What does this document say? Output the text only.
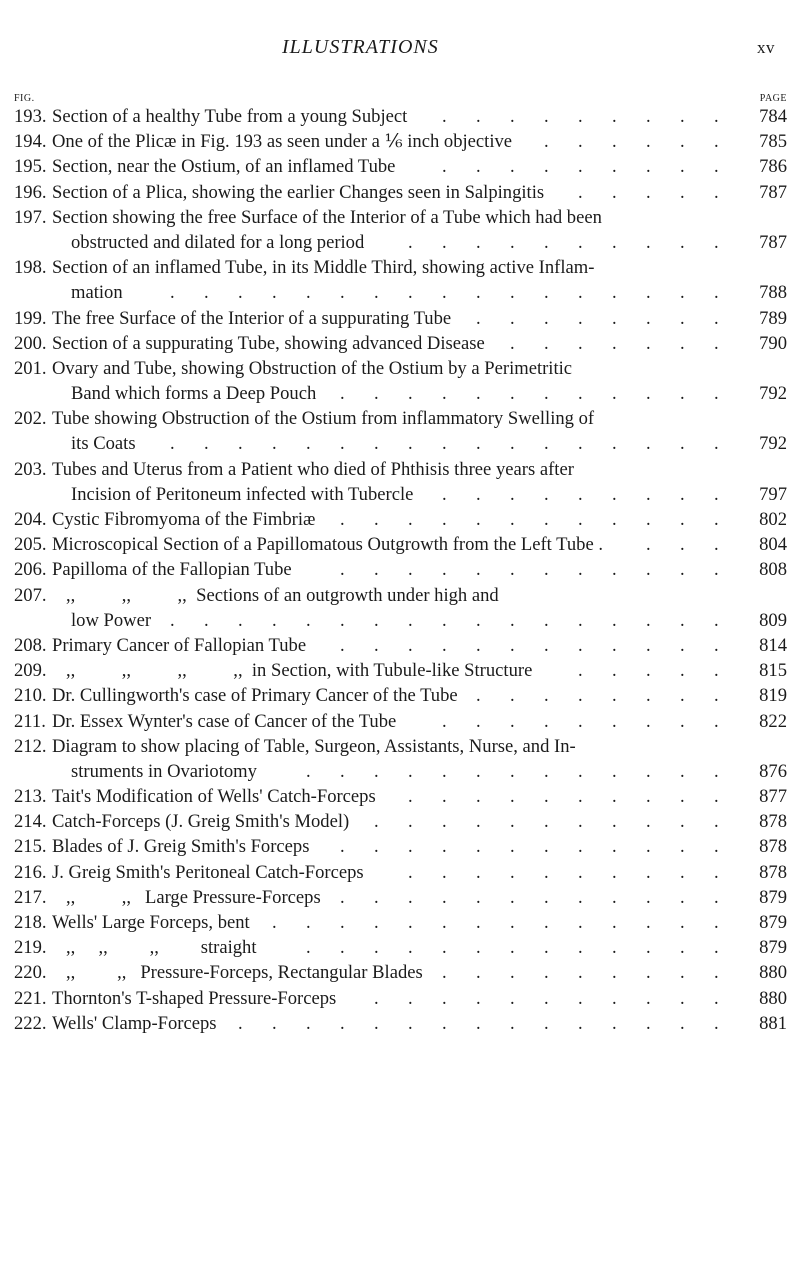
ILLUSTRATIONS	xv
FIG.	PAGE
193. Section of a healthy Tube from a young Subject	784
. . . . . . . . .
194. One of the Plicæ in Fig. 193 as seen under a ⅙ inch objective	785
. . . . . .
195. Section, near the Ostium, of an inflamed Tube	786
. . . . . . . . .
196. Section of a Plica, showing the earlier Changes seen in Salpingitis	787
. . . . .
197. Section showing the free Surface of the Interior of a Tube which had been
obstructed and dilated for a long period	787
. . . . . . . . . .
198. Section of an inflamed Tube, in its Middle Third, showing active Inflam-
mation	788
. . . . . . . . . . . . . . . . .
199. The free Surface of the Interior of a suppurating Tube	789
. . . . . . . .
200. Section of a suppurating Tube, showing advanced Disease	790
. . . . . . .
201. Ovary and Tube, showing Obstruction of the Ostium by a Perimetritic
Band which forms a Deep Pouch	792
. . . . . . . . . . . .
202. Tube showing Obstruction of the Ostium from inflammatory Swelling of
its Coats	792
. . . . . . . . . . . . . . . . .
203. Tubes and Uterus from a Patient who died of Phthisis three years after
Incision of Peritoneum infected with Tubercle	797
. . . . . . . . .
204. Cystic Fibromyoma of the Fimbriæ	802
. . . . . . . . . . . .
205. Microscopical Section of a Papillomatous Outgrowth from the Left Tube .	804
. . .
206. Papilloma of the Fallopian Tube	808
. . . . . . . . . . . .
207. ,,          ,,          ,,  Sections of an outgrowth under high and
low Power	809
. . . . . . . . . . . . . . . . .
208. Primary Cancer of Fallopian Tube	814
. . . . . . . . . . . .
209. ,,          ,,          ,,          ,,  in Section, with Tubule-like Structure	815
. . . . .
210. Dr. Cullingworth's case of Primary Cancer of the Tube	819
. . . . . . . .
211. Dr. Essex Wynter's case of Cancer of the Tube	822
. . . . . . . . .
212. Diagram to show placing of Table, Surgeon, Assistants, Nurse, and In-
struments in Ovariotomy	876
. . . . . . . . . . . . .
213. Tait's Modification of Wells' Catch-Forceps	877
. . . . . . . . . .
214. Catch-Forceps (J. Greig Smith's Model)	878
. . . . . . . . . . .
215. Blades of J. Greig Smith's Forceps	878
. . . . . . . . . . . .
216. J. Greig Smith's Peritoneal Catch-Forceps	878
. . . . . . . . . .
217. ,,          ,,   Large Pressure-Forceps	879
. . . . . . . . . . . .
218. Wells' Large Forceps, bent	879
. . . . . . . . . . . . . .
219. ,,     ,,         ,,         straight	879
. . . . . . . . . . . . .
220. ,,         ,,   Pressure-Forceps, Rectangular Blades	880
. . . . . . . . .
221. Thornton's T-shaped Pressure-Forceps	880
. . . . . . . . . . .
222. Wells' Clamp-Forceps	881
. . . . . . . . . . . . . . .
